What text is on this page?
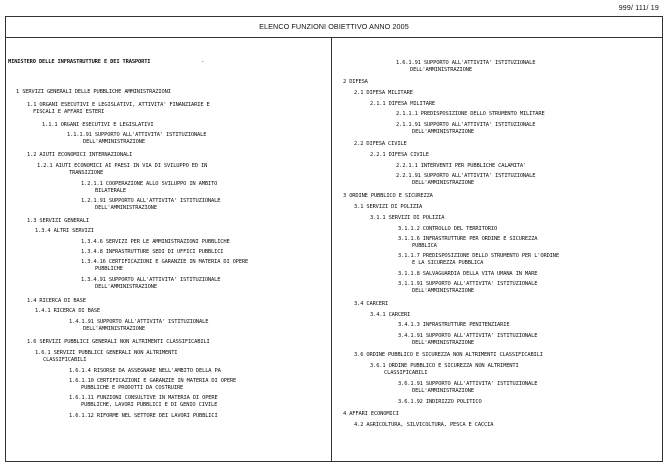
999/ 111/ 19
ELENCO FUNZIONI OBIETTIVO ANNO 2005
MINISTERO DELLE INFRASTRUTTURE E DEI TRASPORTI	-
1 SERVIZI GENERALI DELLE PUBBLICHE AMMINISTRAZIONI
1.1 ORGANI ESECUTIVI E LEGISLATIVI, ATTIVITA' FINANZIARIE E
FISCALI E AFFARI ESTERI
1.1.1 ORGANI ESECUTIVI E LEGISLATIVI
1.1.1.91 SUPPORTO ALL'ATTIVITA' ISTITUZIONALE
DELL'AMMINISTRAZIONE
1.2 AIUTI ECONOMICI INTERNAZIONALI
1.2.1 AIUTI ECONOMICI AI PAESI IN VIA DI SVILUPPO ED IN
TRANSIZIONE
1.2.1.1 COOPERAZIONE ALLO SVILUPPO IN AMBITO
BILATERALE
1.2.1.91 SUPPORTO ALL'ATTIVITA' ISTITUZIONALE
DELL'AMMINISTRAZIONE
1.3 SERVIZI GENERALI
1.3.4 ALTRI SERVIZI
1.3.4.6 SERVIZI PER LE AMMINISTRAZIONI PUBBLICHE
1.3.4.8 INFRASTRUTTURE SEDI DI UFFICI PUBBLICI
1.3.4.16 CERTIFICAZIONI E GARANZIE IN MATERIA DI OPERE
PUBBLICHE
1.3.4.91 SUPPORTO ALL'ATTIVITA' ISTITUZIONALE
DELL'AMMINISTRAZIONE
1.4 RICERCA DI BASE
1.4.1 RICERCA DI BASE
1.4.1.91 SUPPORTO ALL'ATTIVITA' ISTITUZIONALE
DELL'AMMINISTRAZIONE
1.6 SERVIZI PUBBLICI GENERALI NON ALTRIMENTI CLASSIFICABILI
1.6.1 SERVIZI PUBBLICI GENERALI NON ALTRIMENTI
CLASSIFICABILI
1.6.1.4 RISORSE DA ASSEGNARE NELL'AMBITO DELLA PA
1.6.1.10 CERTIFICAZIONI E GARANZIE IN MATERIA DI OPERE
PUBBLICHE E PRODOTTI DA COSTRUIRE
1.6.1.11 FUNZIONI CONSULTIVE IN MATERIA DI OPERE
PUBBLICHE, LAVORI PUBBLICI E DI GENIO CIVILE
1.6.1.12 RIFORME NEL SETTORE DEI LAVORI PUBBLICI
1.6.1.91 SUPPORTO ALL'ATTIVITA' ISTITUZIONALE
DELL'AMMINISTRAZIONE
2 DIFESA
2.1 DIFESA MILITARE
2.1.1 DIFESA MILITARE
2.1.1.1 PREDISPOSIZIONE DELLO STRUMENTO MILITARE
2.1.1.91 SUPPORTO ALL'ATTIVITA' ISTITUZIONALE
DELL'AMMINISTRAZIONE
2.2 DIFESA CIVILE
2.2.1 DIFESA CIVILE
2.2.1.1 INTERVENTI PER PUBBLICHE CALAMITA'
2.2.1.91 SUPPORTO ALL'ATTIVITA' ISTITUZIONALE
DELL'AMMINISTRAZIONE
3 ORDINE PUBBLICO E SICUREZZA
3.1 SERVIZI DI POLIZIA
3.1.1 SERVIZI DI POLIZIA
3.1.1.2 CONTROLLO DEL TERRITORIO
3.1.1.6 INFRASTRUTTURE PER ORDINE E SICUREZZA
PUBBLICA
3.1.1.7 PREDISPOSIZIONE DELLO STRUMENTO PER L'ORDINE
E LA SICUREZZA PUBBLICA
3.1.1.8 SALVAGUARDIA DELLA VITA UMANA IN MARE
3.1.1.91 SUPPORTO ALL'ATTIVITA' ISTITUZIONALE
DELL'AMMINISTRAZIONE
3.4 CARCERI
3.4.1 CARCERI
3.4.1.3 INFRASTRUTTURE PENITENZIARIE
3.4.1.91 SUPPORTO ALL'ATTIVITA' ISTITUZIONALE
DELL'AMMINISTRAZIONE
3.6 ORDINE PUBBLICO E SICUREZZA NON ALTRIMENTI CLASSIFICABILI
3.6.1 ORDINE PUBBLICO E SICUREZZA NON ALTRIMENTI
CLASSIFICABILI
3.6.1.91 SUPPORTO ALL'ATTIVITA' ISTITUZIONALE
DELL'AMMINISTRAZIONE
3.6.1.92 INDIRIZZO POLITICO
4 AFFARI ECONOMICI
4.2 AGRICOLTURA, SILVICOLTURA, PESCA E CACCIA
